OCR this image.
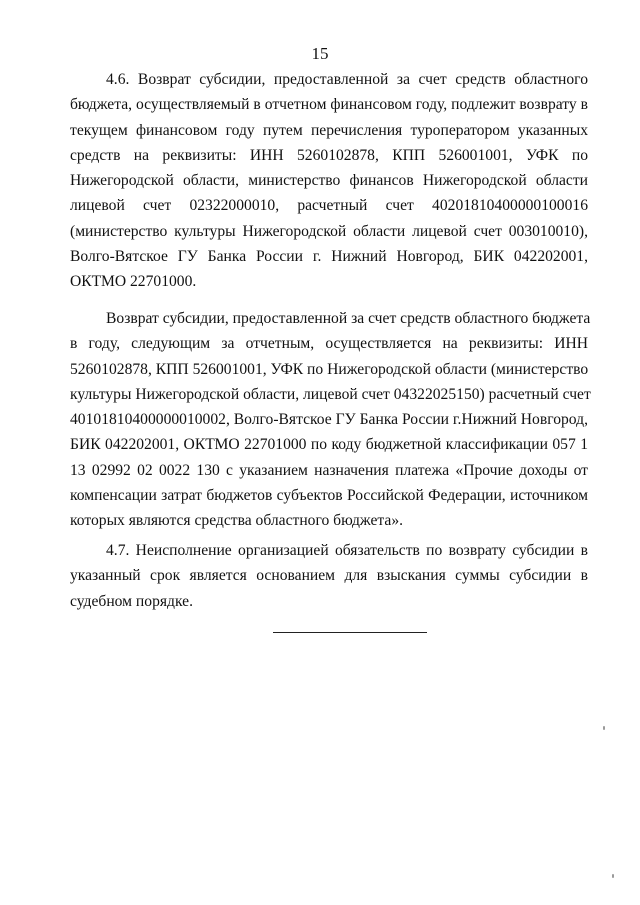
15
4.6. Возврат субсидии, предоставленной за счет средств областного
бюджета, осуществляемый в отчетном финансовом году, подлежит возврату в
текущем финансовом году путем перечисления туроператором указанных
средств на реквизиты: ИНН 5260102878, КПП 526001001, УФК по
Нижегородской области, министерство финансов Нижегородской области
лицевой счет 02322000010, расчетный счет 40201810400000100016
(министерство культуры Нижегородской области лицевой счет 003010010),
Волго-Вятское ГУ Банка России г. Нижний Новгород, БИК 042202001,
ОКТМО 22701000.
Возврат субсидии, предоставленной за счет средств областного бюджета
в году, следующим за отчетным, осуществляется на реквизиты: ИНН
5260102878, КПП 526001001, УФК по Нижегородской области (министерство
культуры Нижегородской области, лицевой счет 04322025150) расчетный счет
40101810400000010002, Волго-Вятское ГУ Банка России г.Нижний Новгород,
БИК 042202001, ОКТМО 22701000 по коду бюджетной классификации 057 1
13 02992 02 0022 130 с указанием назначения платежа «Прочие доходы от
компенсации затрат бюджетов субъектов Российской Федерации, источником
которых являются средства областного бюджета».
4.7. Неисполнение организацией обязательств по возврату субсидии в
указанный срок является основанием для взыскания суммы субсидии в
судебном порядке.
